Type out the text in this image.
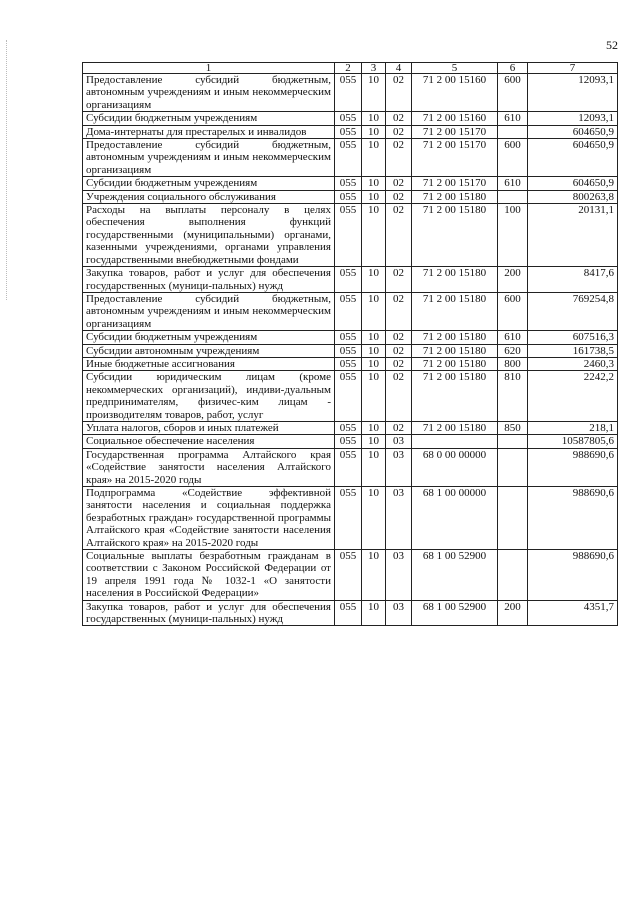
52
1	2	3	4	5	6	7
Предоставление субсидий бюджетным, автономным учреждениям и иным некоммерческим организациям	055	10	02	71 2 00 15160	600	12093,1
Субсидии бюджетным учреждениям	055	10	02	71 2 00 15160	610	12093,1
Дома-интернаты для престарелых и инвалидов	055	10	02	71 2 00 15170		604650,9
Предоставление субсидий бюджетным, автономным учреждениям и иным некоммерческим организациям	055	10	02	71 2 00 15170	600	604650,9
Субсидии бюджетным учреждениям	055	10	02	71 2 00 15170	610	604650,9
Учреждения социального обслуживания	055	10	02	71 2 00 15180		800263,8
Расходы на выплаты персоналу в целях обеспечения выполнения функций государственными (муниципальными) органами, казенными учреждениями, органами управления государственными внебюджетными фондами	055	10	02	71 2 00 15180	100	20131,1
Закупка товаров, работ и услуг для обеспечения государственных (муници-пальных) нужд	055	10	02	71 2 00 15180	200	8417,6
Предоставление субсидий бюджетным, автономным учреждениям и иным некоммерческим организациям	055	10	02	71 2 00 15180	600	769254,8
Субсидии бюджетным учреждениям	055	10	02	71 2 00 15180	610	607516,3
Субсидии автономным учреждениям	055	10	02	71 2 00 15180	620	161738,5
Иные бюджетные ассигнования	055	10	02	71 2 00 15180	800	2460,3
Субсидии юридическим лицам (кроме некоммерческих организаций), индиви-дуальным предпринимателям, физичес-ким лицам - производителям товаров, работ, услуг	055	10	02	71 2 00 15180	810	2242,2
Уплата налогов, сборов и иных платежей	055	10	02	71 2 00 15180	850	218,1
Социальное обеспечение населения	055	10	03			10587805,6
Государственная программа Алтайского края «Содействие занятости населения Алтайского края» на 2015-2020 годы	055	10	03	68 0 00 00000		988690,6
Подпрограмма «Содействие эффективной занятости населения и социальная поддержка безработных граждан» государственной программы Алтайского края «Содействие занятости населения Алтайского края» на 2015-2020 годы	055	10	03	68 1 00 00000		988690,6
Социальные выплаты безработным гражданам в соответствии с Законом Российской Федерации от 19 апреля 1991 года № 1032-1 «О занятости населения в Российской Федерации»	055	10	03	68 1 00 52900		988690,6
Закупка товаров, работ и услуг для обеспечения государственных (муници-пальных) нужд	055	10	03	68 1 00 52900	200	4351,7
